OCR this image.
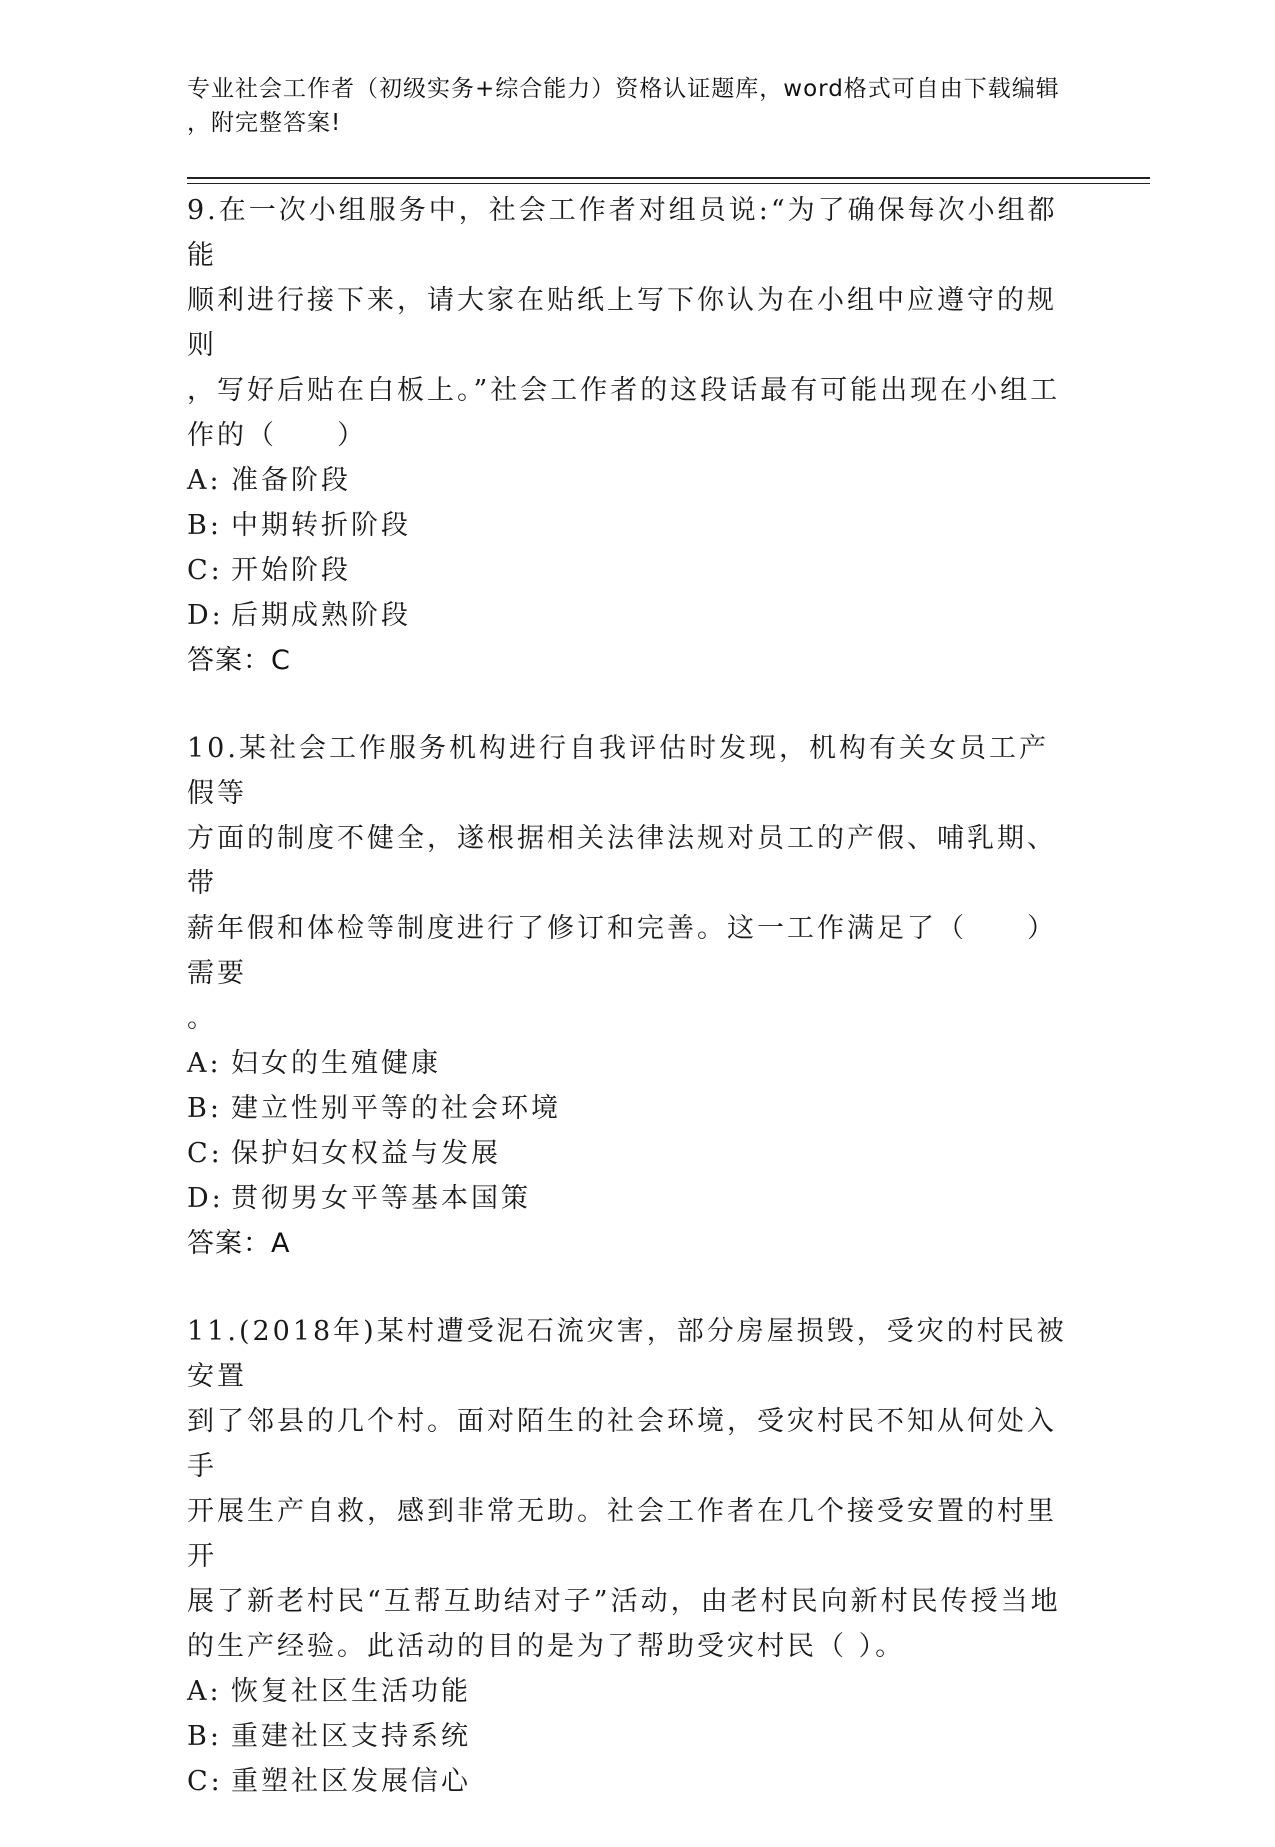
专业社会工作者（初级实务+综合能力）资格认证题库，word格式可自由下载编辑
，附完整答案!

9.在一次小组服务中，社会工作者对组员说:“为了确保每次小组都能
顺利进行接下来，请大家在贴纸上写下你认为在小组中应遵守的规则
，写好后贴在白板上。”社会工作者的这段话最有可能出现在小组工
作的（　　）

A: 准备阶段
B: 中期转折阶段
C: 开始阶段
D: 后期成熟阶段
答案：C

10.某社会工作服务机构进行自我评估时发现，机构有关女员工产假等
方面的制度不健全，遂根据相关法律法规对员工的产假、哺乳期、带
薪年假和体检等制度进行了修订和完善。这一工作满足了（　　）需要
。

A: 妇女的生殖健康
B: 建立性别平等的社会环境
C: 保护妇女权益与发展
D: 贯彻男女平等基本国策
答案：A

11.(2018年)某村遭受泥石流灾害，部分房屋损毁，受灾的村民被安置
到了邻县的几个村。面对陌生的社会环境，受灾村民不知从何处入手
开展生产自救，感到非常无助。社会工作者在几个接受安置的村里开
展了新老村民“互帮互助结对子”活动，由老村民向新村民传授当地
的生产经验。此活动的目的是为了帮助受灾村民（ ）。

A: 恢复社区生活功能
B: 重建社区支持系统
C: 重塑社区发展信心
